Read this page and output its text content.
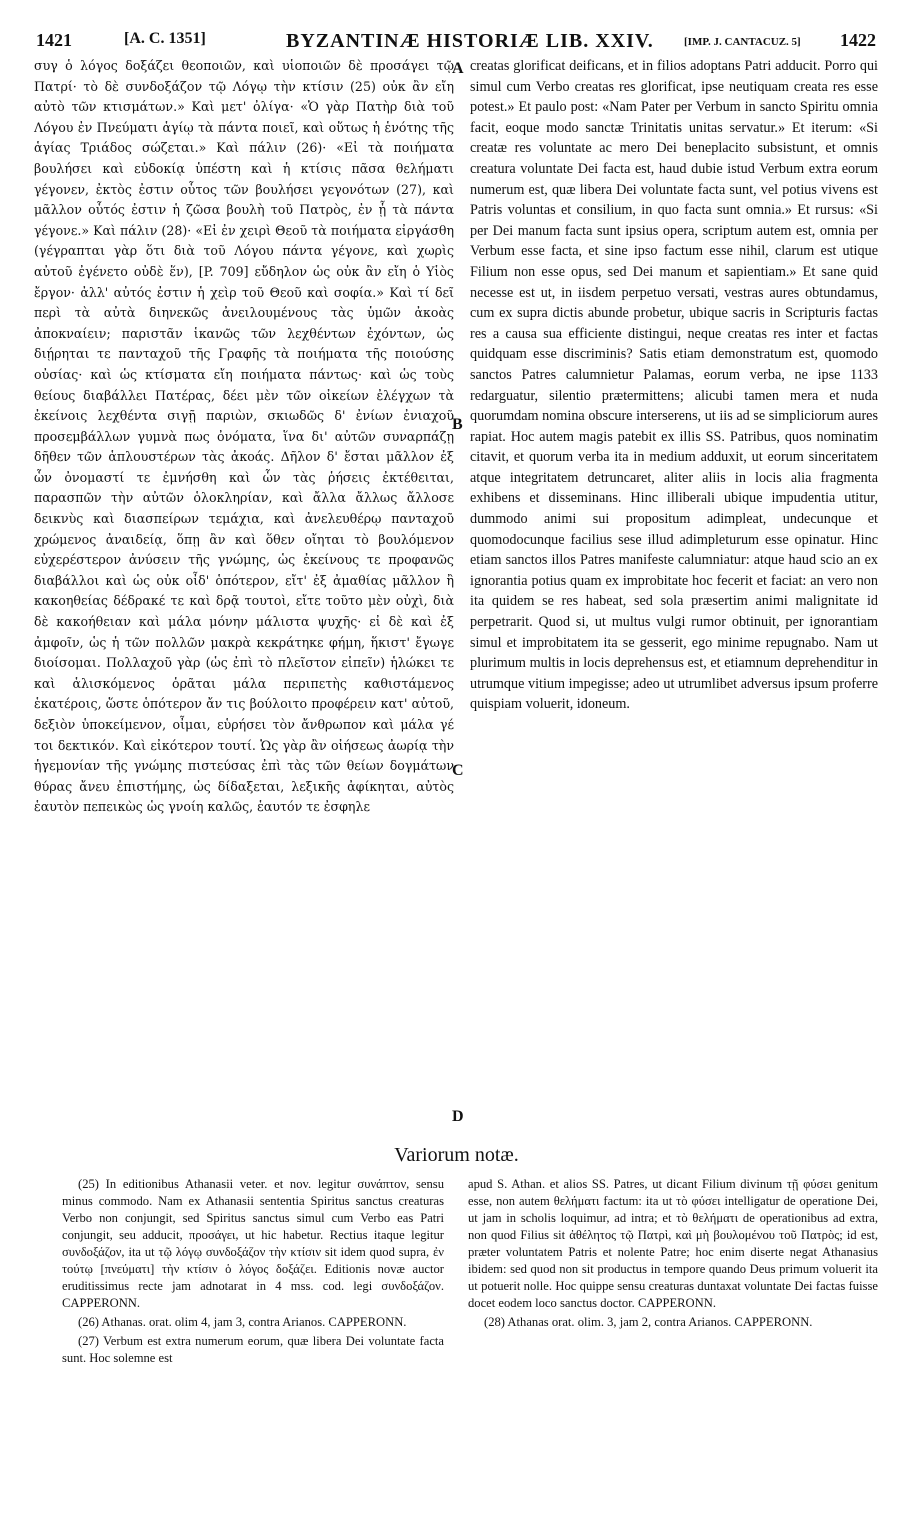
1421	[A. C. 1351]	BYZANTINÆ HISTORIÆ LIB. XXIV.	[IMP. J. CANTACUZ. 5] 1422

συγ ὁ λόγος δοξάζει θεοποιῶν, καὶ υἱοποιῶν δὲ προσάγει τῷ Πατρί· τὸ δὲ συνδοξάζον τῷ Λόγῳ τὴν κτίσιν (25) οὐκ ἂν εἴη αὐτὸ τῶν κτισμάτων.» Καὶ μετ' ὀλίγα· «Ὁ γὰρ Πατὴρ διὰ τοῦ Λόγου ἐν Πνεύματι ἁγίῳ τὰ πάντα ποιεῖ, καὶ οὕτως ἡ ἑνότης τῆς ἁγίας Τριάδος σώζεται.» Καὶ πάλιν (26)· «Εἰ τὰ ποιήματα βουλήσει καὶ εὐδοκίᾳ ὑπέστη καὶ ἡ κτίσις πᾶσα θελήματι γέγονεν, ἐκτὸς ἐστιν οὗτος τῶν βουλήσει γεγονότων (27), καὶ μᾶλλον οὗτός ἐστιν ἡ ζῶσα βουλὴ τοῦ Πατρὸς, ἐν ᾗ τὰ πάντα γέγονε.» Καὶ πάλιν (28)· «Εἰ ἐν χειρὶ Θεοῦ τὰ ποιήματα εἰργάσθη (γέγραπται γὰρ ὅτι διὰ τοῦ Λόγου πάντα γέγονε, καὶ χωρὶς αὐτοῦ ἐγένετο οὐδὲ ἕν), [P. 709] εὔδηλον ὡς οὐκ ἂν εἴη ὁ Υἱὸς ἔργον· ἀλλ' αὐτός ἐστιν ἡ χεὶρ τοῦ Θεοῦ καὶ σοφία.» Καὶ τί δεῖ περὶ τὰ αὐτὰ διηνεκῶς ἀνειλουμένους τὰς ὑμῶν ἀκοὰς ἀποκναίειν; παριστᾶν ἱκανῶς τῶν λεχθέντων ἐχόντων, ὡς διῄρηται τε πανταχοῦ τῆς Γραφῆς τὰ ποιήματα τῆς ποιούσης οὐσίας· καὶ ὡς κτίσματα εἴη ποιήματα πάντως· καὶ ὡς τοὺς θείους διαβάλλει Πατέρας, δέει μὲν τῶν οἰκείων ἐλέγχων τὰ ἐκείνοις λεχθέντα σιγῇ παριὼν, σκιωδῶς δ' ἐνίων ἐνιαχοῦ προσεμβάλλων γυμνὰ πως ὀνόματα, ἵνα δι' αὐτῶν συναρπάζῃ δῆθεν τῶν ἁπλουστέρων τὰς ἀκοάς. Δῆλον δ' ἔσται μᾶλλον ἐξ ὧν ὀνομαστί τε ἐμνήσθη καὶ ὧν τὰς ῥήσεις ἐκτέθειται, παρασπῶν τὴν αὐτῶν ὁλοκληρίαν, καὶ ἄλλα ἄλλως ἄλλοσε δεικνὺς καὶ διασπείρων τεμάχια, καὶ ἀνελευθέρῳ πανταχοῦ χρώμενος ἀναιδείᾳ, ὅπῃ ἂν καὶ ὅθεν οἴηται τὸ βουλόμενον εὐχερέστερον ἀνύσειν τῆς γνώμης, ὡς ἐκείνους τε προφανῶς διαβάλλοι καὶ ὡς οὐκ οἶδ' ὁπότερον, εἴτ' ἐξ ἀμαθίας μᾶλλον ἢ κακοηθείας δέδρακέ τε καὶ δρᾷ τουτοὶ, εἴτε τοῦτο μὲν οὐχὶ, διὰ δὲ κακοήθειαν καὶ μάλα μόνην μάλιστα ψυχῆς· εἰ δὲ καὶ ἐξ ἀμφοῖν, ὡς ἡ τῶν πολλῶν μακρὰ κεκράτηκε φήμη, ἥκιστ' ἔγωγε διοίσομαι. Πολλαχοῦ γὰρ (ὡς ἐπὶ τὸ πλεῖστον εἰπεῖν) ἡλώκει τε καὶ ἁλισκόμενος ὁρᾶται μάλα περιπετὴς καθιστάμενος ἑκατέροις, ὥστε ὁπότερον ἄν τις βούλοιτο προφέρειν κατ' αὐτοῦ, δεξιὸν ὑποκείμενον, οἶμαι, εὑρήσει τὸν ἄνθρωπον καὶ μάλα γέ τοι δεκτικόν. Καὶ εἰκότερον τουτί. Ὡς γὰρ ἂν οἰήσεως ἀωρίᾳ τὴν ἡγεμονίαν τῆς γνώμης πιστεύσας ἐπὶ τὰς τῶν θείων δογμάτων θύρας ἄνευ ἐπιστήμης, ὡς δίδαξεται, λεξικῆς ἀφίκηται, αὐτὸς ἑαυτὸν πεπεικὼς ὡς γνοίη καλῶς, ἑαυτόν τε ἐσφηλε

A
B
C
D

creatas glorificat deificans, et in filios adoptans Patri adducit. Porro qui simul cum Verbo creatas res glorificat, ipse neutiquam creata res esse potest.» Et paulo post: «Nam Pater per Verbum in sancto Spiritu omnia facit, eoque modo sanctæ Trinitatis unitas servatur.» Et iterum: «Si creatæ res voluntate ac mero Dei beneplacito subsistunt, et omnis creatura voluntate Dei facta est, haud dubie istud Verbum extra eorum numerum est, quæ libera Dei voluntate facta sunt, vel potius vivens est Patris voluntas et consilium, in quo facta sunt omnia.» Et rursus: «Si per Dei manum facta sunt ipsius opera, scriptum autem est, omnia per Verbum esse facta, et sine ipso factum esse nihil, clarum est utique Filium non esse opus, sed Dei manum et sapientiam.» Et sane quid necesse est ut, in iisdem perpetuo versati, vestras aures obtundamus, cum ex supra dictis abunde probetur, ubique sacris in Scripturis factas res a causa sua efficiente distingui, neque creatas res inter et factas quidquam esse discriminis? Satis etiam demonstratum est, quomodo sanctos Patres calumnietur Palamas, eorum verba, ne ipse 1133 redarguatur, silentio prætermittens; alicubi tamen mera et nuda quorumdam nomina obscure interserens, ut iis ad se simpliciorum aures rapiat. Hoc autem magis patebit ex illis SS. Patribus, quos nominatim citavit, et quorum verba ita in medium adduxit, ut eorum sinceritatem atque integritatem detruncaret, aliter aliis in locis alia fragmenta exhibens et disseminans. Hinc illiberali ubique impudentia utitur, dummodo animi sui propositum adimpleat, undecunque et quomodocunque facilius sese illud adimpleturum esse opinatur. Hinc etiam sanctos illos Patres manifeste calumniatur: atque haud scio an ex ignorantia potius quam ex improbitate hoc fecerit et faciat: an vero non ita quidem se res habeat, sed sola præsertim animi malignitate id perpetrarit. Quod si, ut multus vulgi rumor obtinuit, per ignorantiam simul et improbitatem ita se gesserit, ego minime repugnabo. Nam ut plurimum multis in locis deprehensus est, et etiamnum deprehenditur in utrumque vitium impegisse; adeo ut utrumlibet adversus ipsum proferre quispiam voluerit, idoneum.

Variorum notæ.

(25) In editionibus Athanasii veter. et nov. legitur συνάπτον, sensu minus commodo. Nam ex Athanasii sententia Spiritus sanctus creaturas Verbo non conjungit, sed Spiritus sanctus simul cum Verbo eas Patri conjungit, seu adducit, προσάγει, ut hic habetur. Rectius itaque legitur συνδοξάζον, ita ut τῷ λόγῳ συνδοξάζον τὴν κτίσιν sit idem quod supra, ἐν τούτῳ [πνεύματι] τὴν κτίσιν ὁ λόγος δοξάζει. Editionis novæ auctor eruditissimus recte jam adnotarat in 4 mss. cod. legi συνδοξάζον. CAPPERONN.

(26) Athanas. orat. olim 4, jam 3, contra Arianos. CAPPERONN.

(27) Verbum est extra numerum eorum, quæ libera Dei voluntate facta sunt. Hoc solemne est

apud S. Athan. et alios SS. Patres, ut dicant Filium divinum τῇ φύσει genitum esse, non autem θελήματι factum: ita ut τὸ φύσει intelligatur de operatione Dei, ut jam in scholis loquimur, ad intra; et τὸ θελήματι de operationibus ad extra, non quod Filius sit ἀθέλητος τῷ Πατρὶ, καὶ μὴ βουλομένου τοῦ Πατρὸς; id est, præter voluntatem Patris et nolente Patre; hoc enim diserte negat Athanasius ibidem: sed quod non sit productus in tempore quando Deus primum voluerit ita ut potuerit nolle. Hoc quippe sensu creaturas duntaxat voluntate Dei factas fuisse docet eodem loco sanctus doctor. CAPPERONN.

(28) Athanas orat. olim. 3, jam 2, contra Arianos. CAPPERONN.
